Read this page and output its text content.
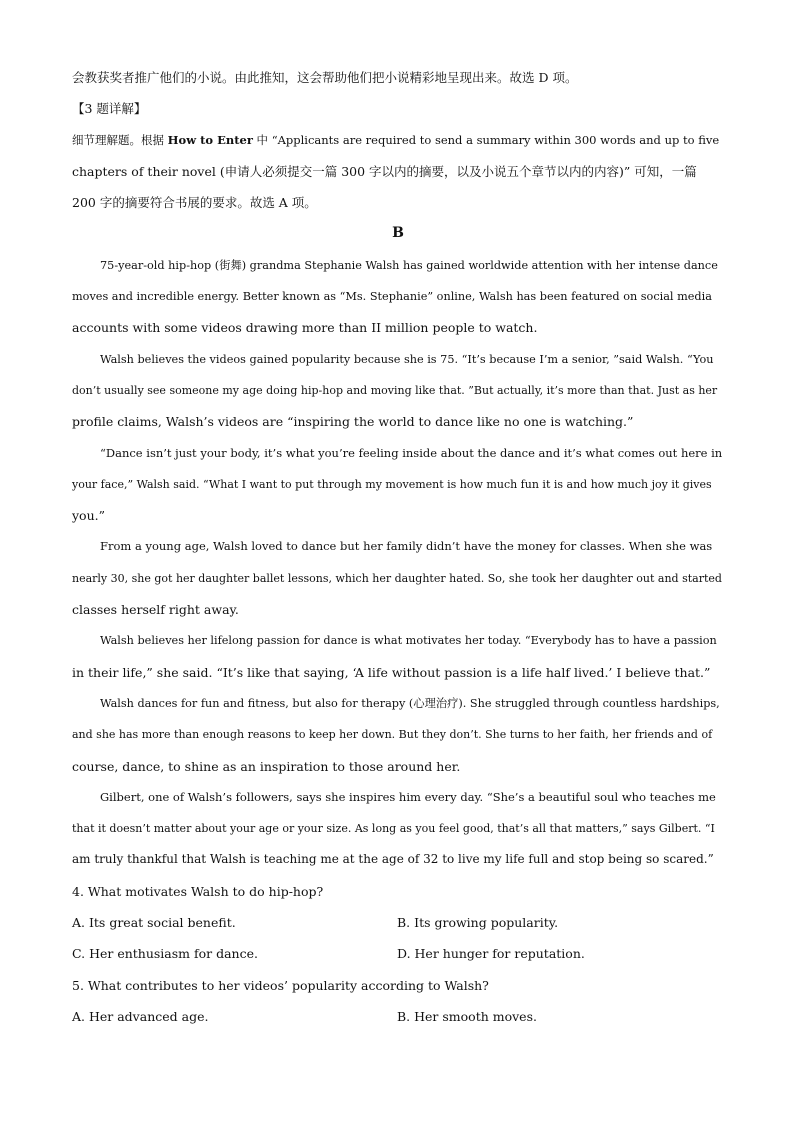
会教获奖者推广他们的小说。由此推知，这会帮助他们把小说精彩地呈现出来。故选 D 项。
【3 题详解】
细节理解题。根据 How to Enter 中 “Applicants are required to send a summary within 300 words and up to five
chapters of their novel (申请人必须提交一篇 300 字以内的摘要，以及小说五个章节以内的内容)” 可知，一篇
200 字的摘要符合书展的要求。故选 A 项。
B
75-year-old hip-hop (街舞) grandma Stephanie Walsh has gained worldwide attention with her intense dance
moves and incredible energy. Better known as “Ms. Stephanie” online, Walsh has been featured on social media
accounts with some videos drawing more than II million people to watch.
Walsh believes the videos gained popularity because she is 75. “It’s because I’m a senior, ”said Walsh. “You
don’t usually see someone my age doing hip-hop and moving like that. ”But actually, it’s more than that. Just as her
profile claims, Walsh’s videos are “inspiring the world to dance like no one is watching.”
“Dance isn’t just your body, it’s what you’re feeling inside about the dance and it’s what comes out here in
your face,” Walsh said. “What I want to put through my movement is how much fun it is and how much joy it gives
you.”
From a young age, Walsh loved to dance but her family didn’t have the money for classes. When she was
nearly 30, she got her daughter ballet lessons, which her daughter hated. So, she took her daughter out and started
classes herself right away.
Walsh believes her lifelong passion for dance is what motivates her today. “Everybody has to have a passion
in their life,” she said. “It’s like that saying, ‘A life without passion is a life half lived.’ I believe that.”
Walsh dances for fun and fitness, but also for therapy (心理治疗). She struggled through countless hardships,
and she has more than enough reasons to keep her down. But they don’t. She turns to her faith, her friends and of
course, dance, to shine as an inspiration to those around her.
Gilbert, one of Walsh’s followers, says she inspires him every day. “She’s a beautiful soul who teaches me
that it doesn’t matter about your age or your size. As long as you feel good, that’s all that matters,” says Gilbert. “I
am truly thankful that Walsh is teaching me at the age of 32 to live my life full and stop being so scared.”
4. What motivates Walsh to do hip-hop?
A. Its great social benefit.	B. Its growing popularity.
C. Her enthusiasm for dance.	D. Her hunger for reputation.
5. What contributes to her videos’ popularity according to Walsh?
A. Her advanced age.	B. Her smooth moves.
